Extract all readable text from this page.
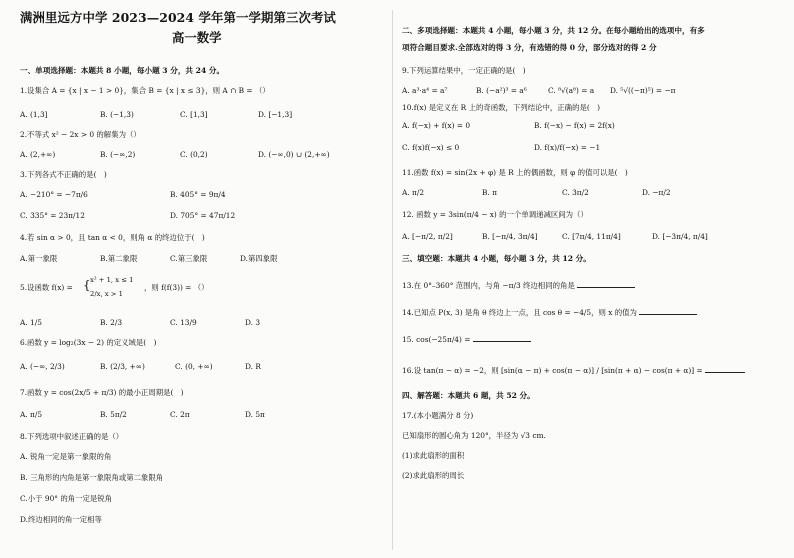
满洲里远方中学 2023—2024 学年第一学期第三次考试
高一数学
一、单项选择题：本题共 8 小题，每小题 3 分，共 24 分。
1.设集合 A = {x | x − 1 > 0}，集合 B = {x | x ≤ 3}，则 A ∩ B = （）
A. (1,3]	B. (−1,3)	C. [1,3]	D. [−1,3]
2.不等式 x² − 2x > 0 的解集为（）
A. (2,+∞)	B. (−∞,2)	C. (0,2)	D. (−∞,0) ∪ (2,+∞)
3.下列各式不正确的是(　)
A. −210° = −7π/6	B. 405° = 9π/4
C. 335° = 23π/12	D. 705° = 47π/12
4.若 sin α > 0，且 tan α < 0，则角 α 的终边位于(　)
A.第一象限	B.第二象限	C.第三象限	D.第四象限
5.设函数 f(x) = { x² + 1, x ≤ 1
2/x, x > 1
，则 f(f(3)) = （）
A. 1/5	B. 2/3	C. 13/9	D. 3
6.函数 y = log₂(3x − 2) 的定义域是(　)
A. (−∞, 2/3)	B. (2/3, +∞)	C. (0, +∞)	D. R
7.函数 y = cos(2x/5 + π/3) 的最小正周期是(　)
A. π/5	B. 5π/2	C. 2π	D. 5π
8.下列选项中叙述正确的是（）
A. 锐角一定是第一象限的角
B. 三角形的内角是第一象限角或第二象限角
C.小于 90° 的角一定是锐角
D.终边相同的角一定相等
二、多项选择题：本题共 4 小题，每小题 3 分，共 12 分。在每小题给出的选项中，有多
项符合题目要求.全部选对的得 3 分，有选错的得 0 分，部分选对的得 2 分
9.下列运算结果中，一定正确的是(　)
A. a³·a⁴ = a⁷	B. (−a²)³ = a⁶	C. ⁸√(a⁸) = a D. ⁵√((−π)⁵) = −π
10.f(x) 是定义在 R 上的奇函数，下列结论中，正确的是(　)
A. f(−x) + f(x) = 0	B. f(−x) − f(x) = 2f(x)
C. f(x)f(−x) ≤ 0	D. f(x)/f(−x) = −1
11.函数 f(x) = sin(2x + φ) 是 R 上的偶函数，则 φ 的值可以是(　)
A. π/2	B. π	C. 3π/2	D. −π/2
12. 函数 y = 3sin(π/4 − x) 的一个单调递减区间为（）
A. [−π/2, π/2]	B. [−π/4, 3π/4]	C. [7π/4, 11π/4]	D. [−3π/4, π/4]
三、填空题：本题共 4 小题，每小题 3 分，共 12 分。
13.在 0°–360° 范围内，与角 −π/3 终边相同的角是
14.已知点 P(x, 3) 是角 θ 终边上一点，且 cos θ = −4/5，则 x 的值为
15. cos(−25π/4) =
16.设 tan(π − α) = −2，则 [sin(α − π) + cos(π − α)] / [sin(π + α) − cos(π + α)] =
四、解答题：本题共 6 题，共 52 分。
17.(本小题满分 8 分)
已知扇形的圆心角为 120°，半径为 √3 cm.
(1)求此扇形的面积
(2)求此扇形的周长
